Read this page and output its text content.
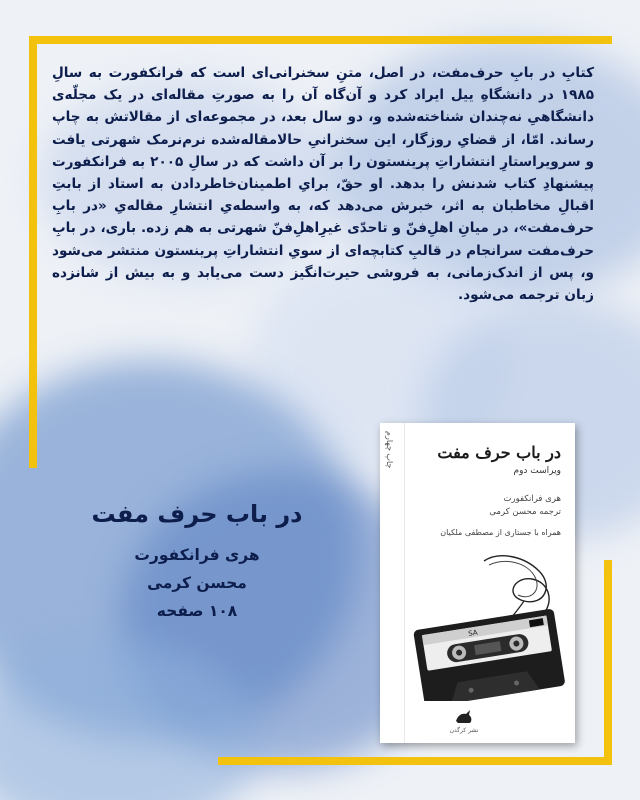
کتابِ در بابِ حرف‌مفت، در اصل، متنِ سخنرانی‌ای است که فرانکفورت به سالِ ۱۹۸۵ در دانشگاهِ ییل ایراد کرد و آن‌گاه آن را به صورتِ مقاله‌ای در یک مجلّه‌ی دانشگاهیِ نه‌چندان شناخته‌شده و، دو سال بعد، در مجموعه‌ای از مقالاتش به چاپ رساند. امّا، از قضایِ روزگار، این سخنرانیِ حالامقاله‌شده نرم‌نرمک شهرتی یافت و سرویراستارِ انتشاراتِ پرینستون را بر آن داشت که در سالِ ۲۰۰۵ به فرانکفورت پیشنهادِ کتاب شدنش را بدهد. او حقّ، برایِ اطمینان‌خاطردادن به استاد از بابتِ اقبالِ مخاطبان به اثر، خبرش می‌دهد که، به واسطه‌یِ انتشارِ مقاله‌یِ «در بابِ حرف‌مفت»، در میانِ اهلِ‌فنّ و تاحدّی غیرِاهلِ‌فنّ شهرتی به هم زده. باری، در بابِ حرف‌مفت سرانجام در قالبِ کتابچه‌ای از سویِ انتشاراتِ پرینستون منتشر می‌شود و، پس از اندک‌زمانی، به فروشی حیرت‌انگیز دست می‌یابد و به بیش از شانزده زبان ترجمه می‌شود.

در باب حرف مفت
هری فرانکفورت
محسن کرمی
۱۰۸ صفحه
چاپ چهارم	در باب حرف مفت
ویراست دوم
هری فرانکفورت
ترجمه محسن کرمی
همراه با جستاری از مصطفی ملکیان
SA
نشر کرگدن
